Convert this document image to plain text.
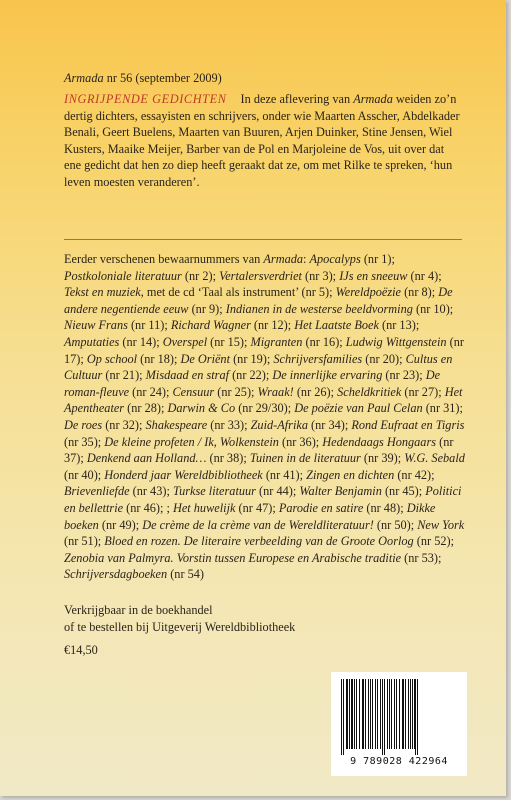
Armada nr 56 (september 2009)
INGRIJPENDE GEDICHTEN In deze aflevering van Armada weiden zo’n dertig dichters, essayisten en schrijvers, onder wie Maarten Asscher, Abdelkader Benali, Geert Buelens, Maarten van Buuren, Arjen Duinker, Stine Jensen, Wiel Kusters, Maaike Meijer, Barber van de Pol en Marjoleine de Vos, uit over dat ene gedicht dat hen zo diep heeft geraakt dat ze, om met Rilke te spreken, ‘hun leven moesten veranderen’.
Eerder verschenen bewaarnummers van Armada: Apocalyps (nr 1); Postkoloniale literatuur (nr 2); Vertalersverdriet (nr 3); IJs en sneeuw (nr 4); Tekst en muziek, met de cd ‘Taal als instrument’ (nr 5); Wereldpoëzie (nr 8); De andere negentiende eeuw (nr 9); Indianen in de westerse beeldvorming (nr 10); Nieuw Frans (nr 11); Richard Wagner (nr 12); Het Laatste Boek (nr 13); Amputaties (nr 14); Overspel (nr 15); Migranten (nr 16); Ludwig Wittgenstein (nr 17); Op school (nr 18); De Oriënt (nr 19); Schrijversfamilies (nr 20); Cultus en Cultuur (nr 21); Misdaad en straf (nr 22); De innerlijke ervaring (nr 23); De roman-fleuve (nr 24); Censuur (nr 25); Wraak! (nr 26); Scheldkritiek (nr 27); Het Apentheater (nr 28); Darwin & Co (nr 29/30); De poëzie van Paul Celan (nr 31); De roes (nr 32); Shakespeare (nr 33); Zuid-Afrika (nr 34); Rond Eufraat en Tigris (nr 35); De kleine profeten / Ik, Wolkenstein (nr 36); Hedendaags Hongaars (nr 37); Denkend aan Holland… (nr 38); Tuinen in de literatuur (nr 39); W.G. Sebald (nr 40); Honderd jaar Wereldbibliotheek (nr 41); Zingen en dichten (nr 42); Brievenliefde (nr 43); Turkse literatuur (nr 44); Walter Benjamin (nr 45); Politici en bellettrie (nr 46); ; Het huwelijk (nr 47); Parodie en satire (nr 48); Dikke boeken (nr 49); De crème de la crème van de Wereldliteratuur! (nr 50); New York (nr 51); Bloed en rozen. De literaire verbeelding van de Groote Oorlog (nr 52); Zenobia van Palmyra. Vorstin tussen Europese en Arabische traditie (nr 53); Schrijversdagboeken (nr 54)
Verkrijgbaar in de boekhandel
of te bestellen bij Uitgeverij Wereldbibliotheek
€14,50
9 789028 422964
